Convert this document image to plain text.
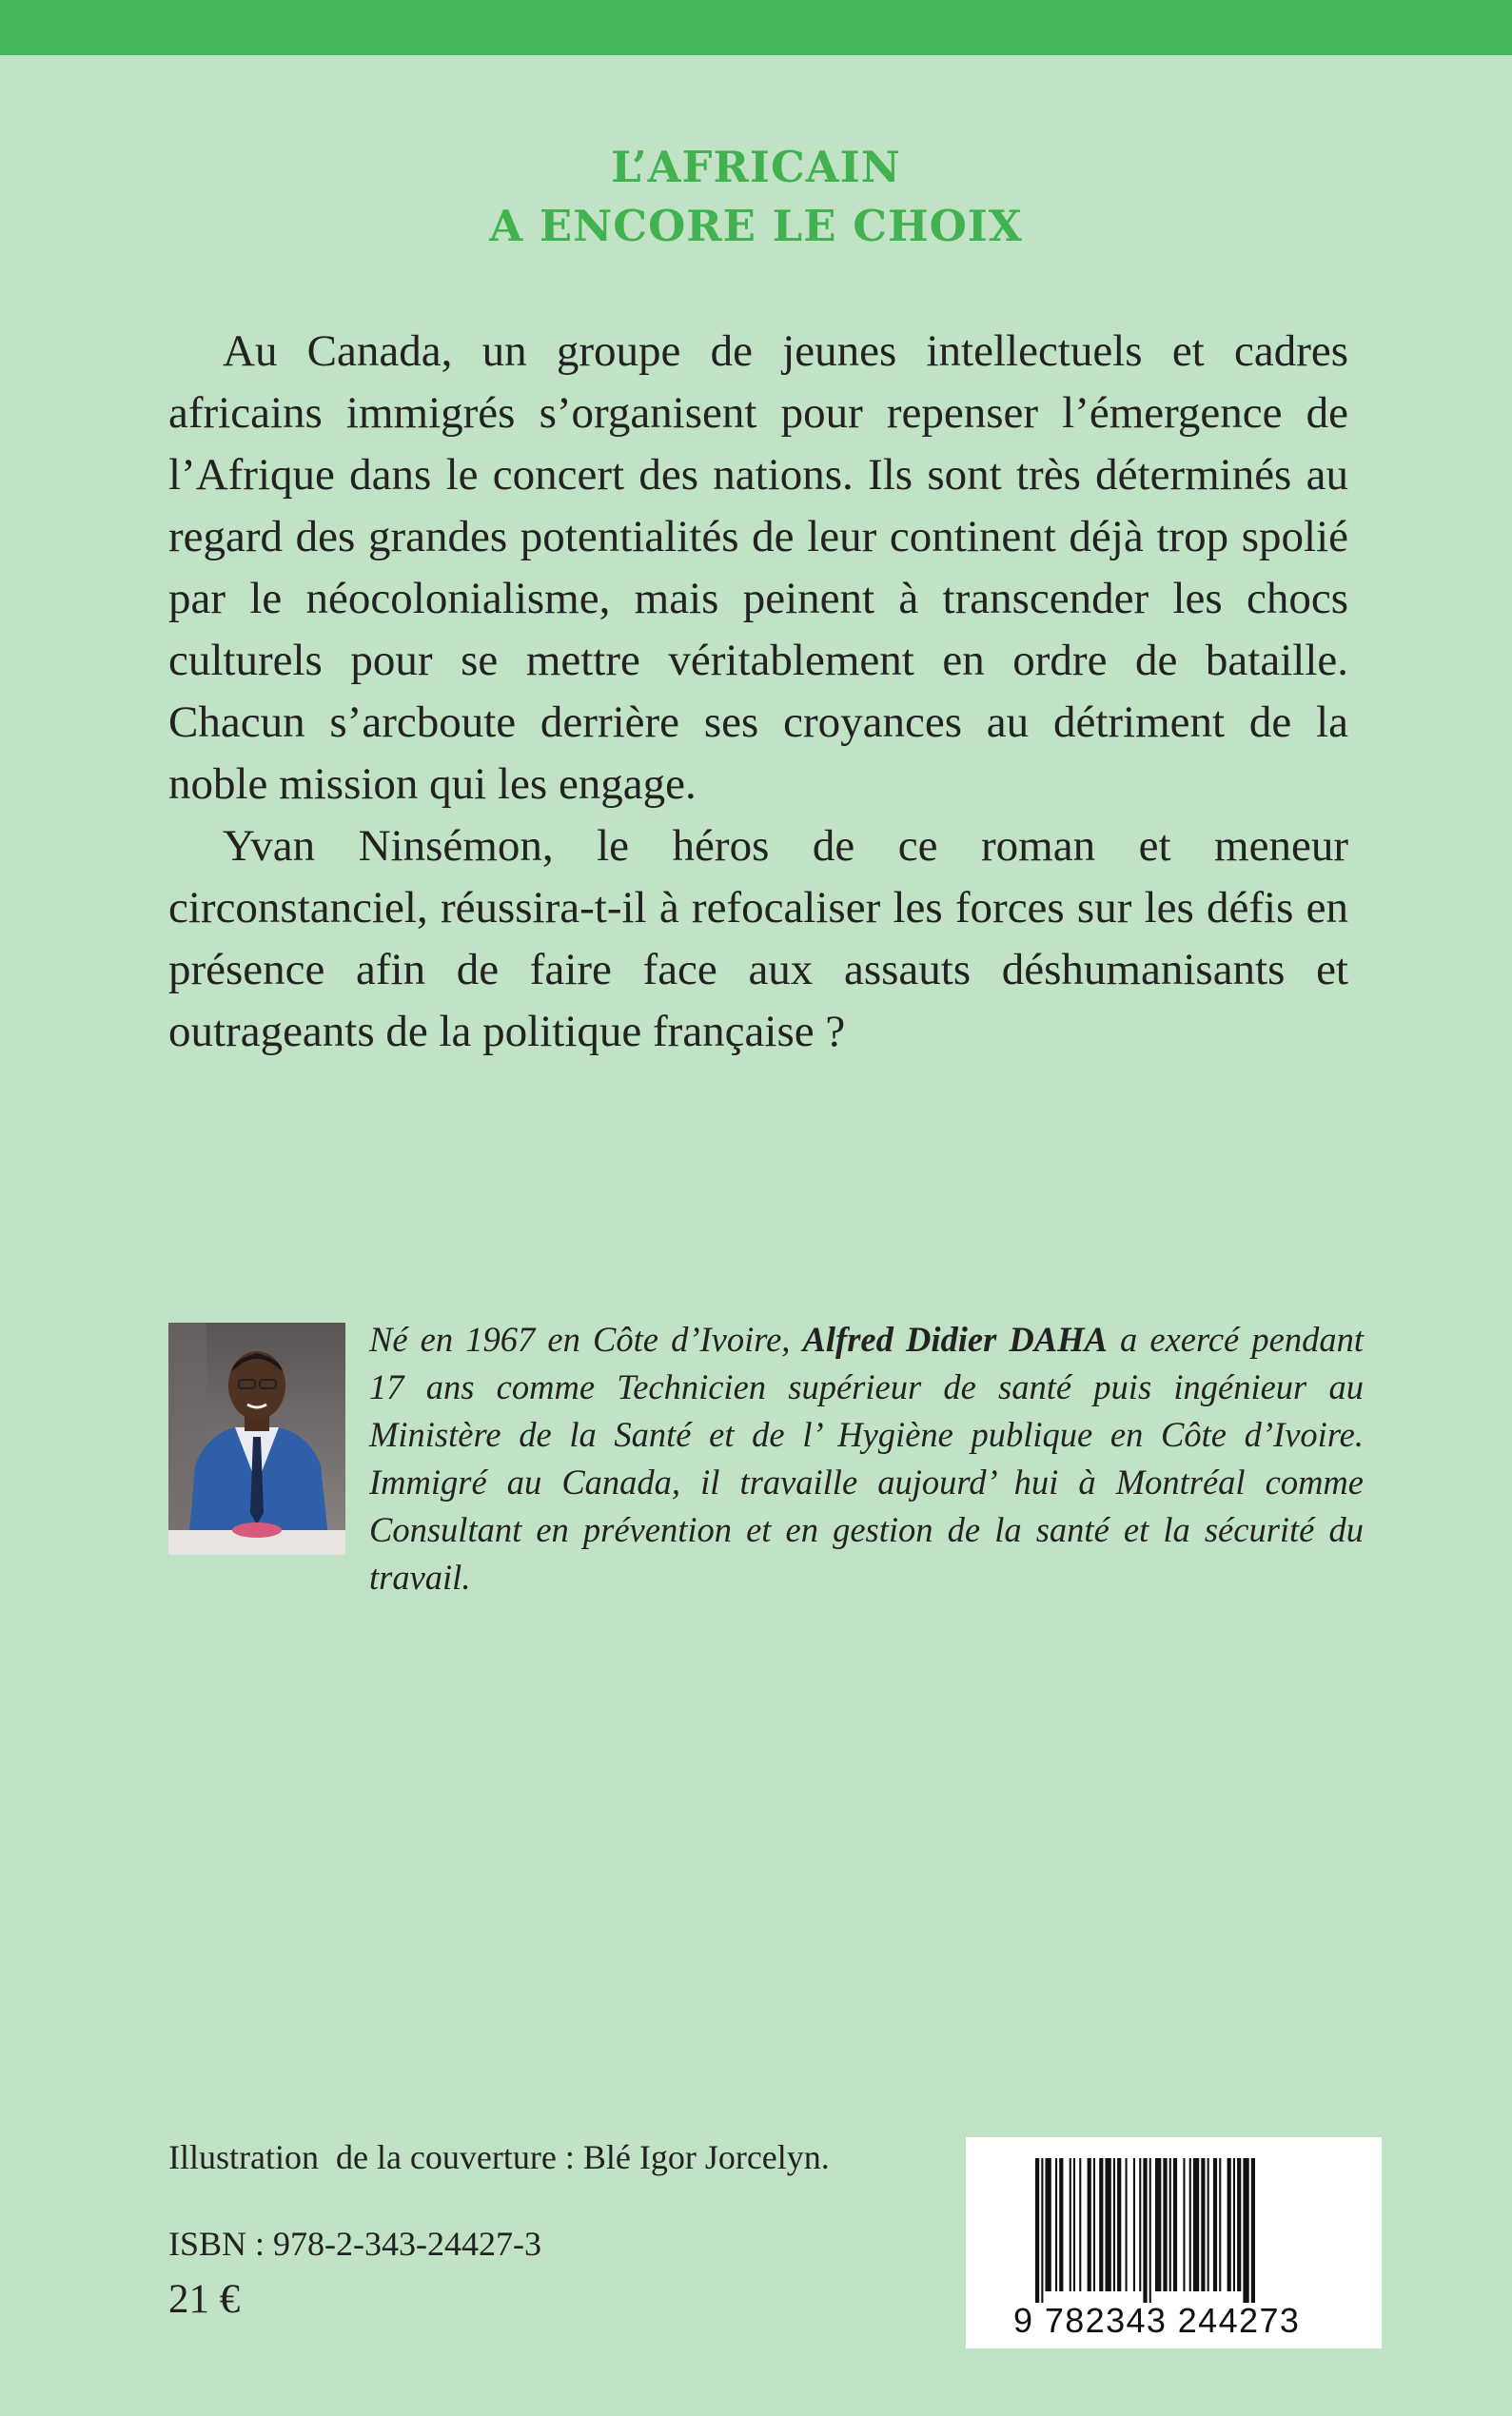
L’AFRICAIN
A ENCORE LE CHOIX

Au Canada, un groupe de jeunes intellectuels et cadres africains immigrés s’organisent pour repenser l’émergence de l’Afrique dans le concert des nations. Ils sont très déterminés au regard des grandes potentialités de leur continent déjà trop spolié par le néocolonialisme, mais peinent à transcender les chocs culturels pour se mettre véritablement en ordre de bataille. Chacun s’arcboute derrière ses croyances au détriment de la noble mission qui les engage.

Yvan Ninsémon, le héros de ce roman et meneur circonstanciel, réussira-t-il à refocaliser les forces sur les défis en présence afin de faire face aux assauts déshumanisants et outrageants de la politique française ?

Né en 1967 en Côte d’Ivoire, Alfred Didier DAHA a exercé pendant 17 ans comme Technicien supérieur de santé puis ingénieur au Ministère de la Santé et de l’ Hygiène publique en Côte d’Ivoire. Immigré au Canada, il travaille aujourd’ hui à Montréal comme Consultant en prévention et en gestion de la santé et la sécurité du travail.
Illustration  de la couverture : Blé Igor Jorcelyn.
ISBN : 978-2-343-24427-3
21 €	9 782343 244273
